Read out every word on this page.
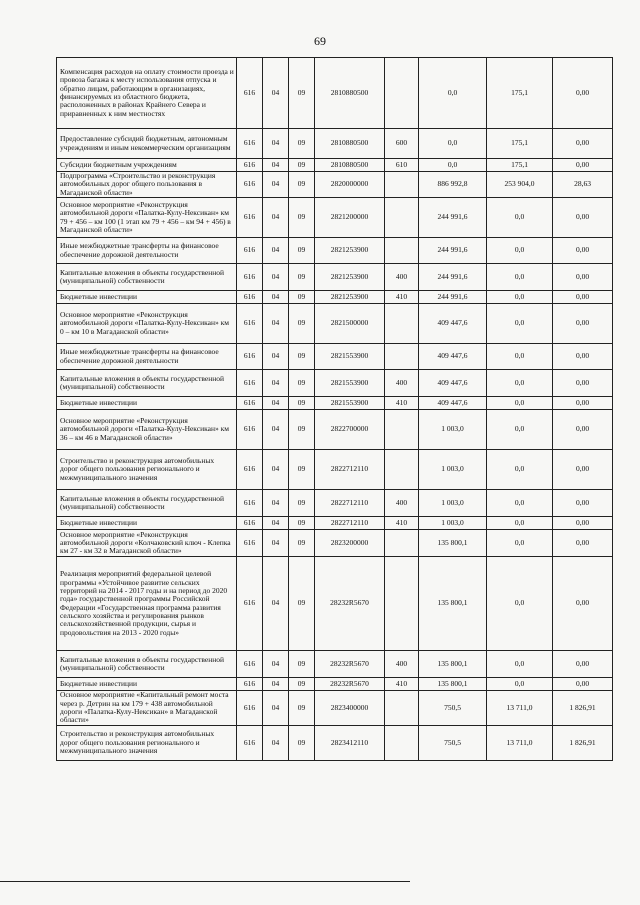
69
Компенсация расходов на оплату стоимости проезда и провоза багажа к месту использования отпуска и обратно лицам, работающим в организациях, финансируемых из областного бюджета, расположенных в районах Крайнего Севера и приравненных к ним местностях	616	04	09	2810880500		0,0	175,1	0,00
Предоставление субсидий бюджетным, автономным учреждениям и иным некоммерческим организациям	616	04	09	2810880500	600	0,0	175,1	0,00
Субсидии бюджетным учреждениям	616	04	09	2810880500	610	0,0	175,1	0,00
Подпрограмма «Строительство и реконструкция автомобильных дорог общего пользования в Магаданской области»	616	04	09	2820000000		886 992,8	253 904,0	28,63
Основное мероприятие «Реконструкция автомобильной дороги «Палатка-Кулу-Нексикан» км 79 + 456 – км 100 (1 этап км 79 + 456 – км 94 + 456) в Магаданской области»	616	04	09	2821200000		244 991,6	0,0	0,00
Иные межбюджетные трансферты на финансовое обеспечение дорожной деятельности	616	04	09	2821253900		244 991,6	0,0	0,00
Капитальные вложения в объекты государственной (муниципальной) собственности	616	04	09	2821253900	400	244 991,6	0,0	0,00
Бюджетные инвестиции	616	04	09	2821253900	410	244 991,6	0,0	0,00
Основное мероприятие «Реконструкция автомобильной дороги «Палатка-Кулу-Нексикан» км 0 – км 10 в Магаданской области»	616	04	09	2821500000		409 447,6	0,0	0,00
Иные межбюджетные трансферты на финансовое обеспечение дорожной деятельности	616	04	09	2821553900		409 447,6	0,0	0,00
Капитальные вложения в объекты государственной (муниципальной) собственности	616	04	09	2821553900	400	409 447,6	0,0	0,00
Бюджетные инвестиции	616	04	09	2821553900	410	409 447,6	0,0	0,00
Основное мероприятие «Реконструкция автомобильной дороги «Палатка-Кулу-Нексикан» км 36 – км 46 в Магаданской области»	616	04	09	2822700000		1 003,0	0,0	0,00
Строительство и реконструкция автомобильных дорог общего пользования регионального и межмуниципального значения	616	04	09	2822712110		1 003,0	0,0	0,00
Капитальные вложения в объекты государственной (муниципальной) собственности	616	04	09	2822712110	400	1 003,0	0,0	0,00
Бюджетные инвестиции	616	04	09	2822712110	410	1 003,0	0,0	0,00
Основное мероприятие «Реконструкция автомобильной дороги «Колчаковский ключ - Клепка км 27 - км 32 в Магаданской области»	616	04	09	2823200000		135 800,1	0,0	0,00
Реализация мероприятий федеральной целевой программы «Устойчивое развитие сельских территорий на 2014 - 2017 годы и на период до 2020 года» государственной программы Российской Федерации «Государственная программа развития сельского хозяйства и регулирования рынков сельскохозяйственной продукции, сырья и продовольствия на 2013 - 2020 годы»	616	04	09	28232R5670		135 800,1	0,0	0,00
Капитальные вложения в объекты государственной (муниципальной) собственности	616	04	09	28232R5670	400	135 800,1	0,0	0,00
Бюджетные инвестиции	616	04	09	28232R5670	410	135 800,1	0,0	0,00
Основное мероприятие «Капитальный ремонт моста через р. Детрин на км 179 + 438 автомобильной дороги «Палатка-Кулу-Нексикан» в Магаданской области»	616	04	09	2823400000		750,5	13 711,0	1 826,91
Строительство и реконструкция автомобильных дорог общего пользования регионального и межмуниципального значения	616	04	09	2823412110		750,5	13 711,0	1 826,91
